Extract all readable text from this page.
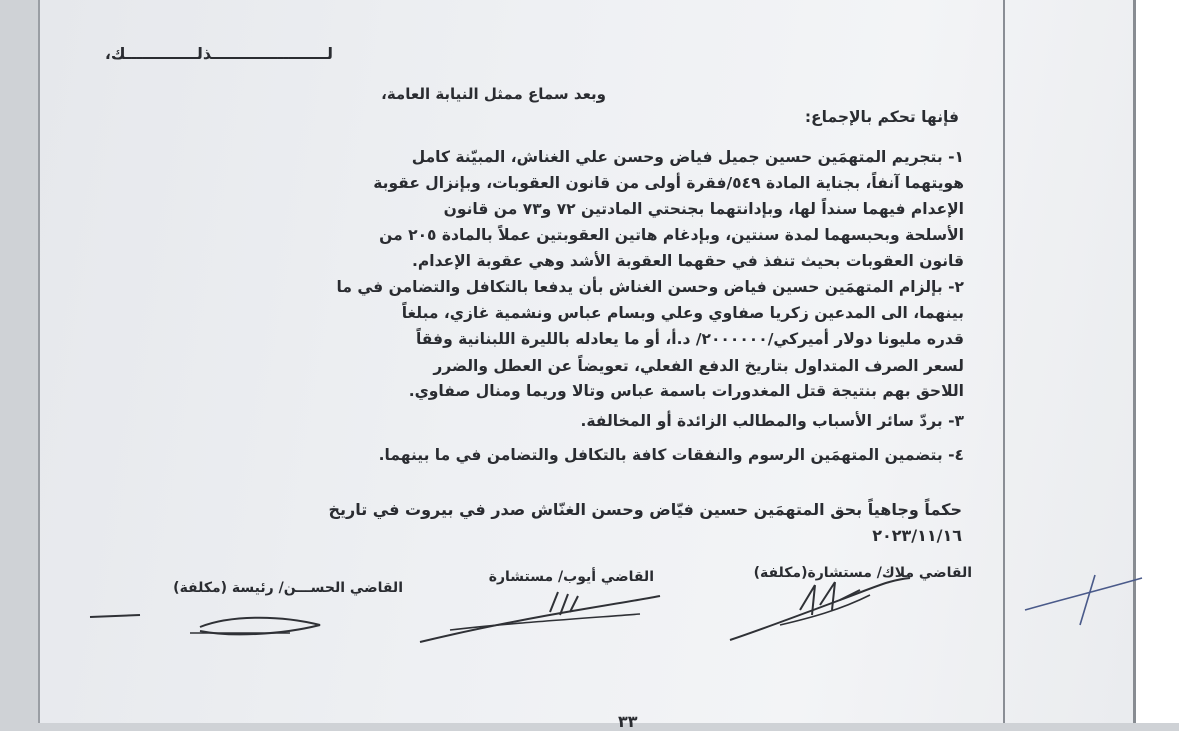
لـــــــــــــــــــــذلـــــــــــــك،
وبعد سماع ممثل النيابة العامة،
فإنها تحكم بالإجماع:
١- بتجريم المتهمَين حسين جميل فياض وحسن علي الغناش، المبيّنة كامل
هويتهما آنفاً، بجناية المادة ٥٤٩/فقرة أولى من قانون العقوبات، وبإنزال عقوبة
الإعدام فيهما سنداً لها، وبإدانتهما بجنحتي المادتين ٧٢ و٧٣ من قانون
الأسلحة وبحبسهما لمدة سنتين، وبإدغام هاتين العقوبتين عملاً بالمادة ٢٠٥ من
قانون العقوبات بحيث تنفذ في حقهما العقوبة الأشد وهي عقوبة الإعدام.
٢- بإلزام المتهمَين حسين فياض وحسن الغناش بأن يدفعا بالتكافل والتضامن في ما
بينهما، الى المدعين زكريا صفاوي وعلي وبسام عباس ونشمية غازي، مبلغاً
قدره مليونا دولار أميركي/٢٠٠٠٠٠٠/ د.أ، أو ما يعادله بالليرة اللبنانية وفقاً
لسعر الصرف المتداول بتاريخ الدفع الفعلي، تعويضاً عن العطل والضرر
اللاحق بهم بنتيجة قتل المغدورات باسمة عباس وتالا وريما ومنال صفاوي.
٣- بردّ سائر الأسباب والمطالب الزائدة أو المخالفة.
٤- بتضمين المتهمَين الرسوم والنفقات كافة بالتكافل والتضامن في ما بينهما.
حكماً وجاهياً بحق المتهمَين حسين فيّاض وحسن الغنّاش صدر في بيروت في تاريخ
٢٠٢٣/١١/١٦
القاضي ملاك/ مستشارة(مكلفة)
القاضي أيوب/ مستشارة
القاضي الحســـن/ رئيسة (مكلفة)
٣٣
